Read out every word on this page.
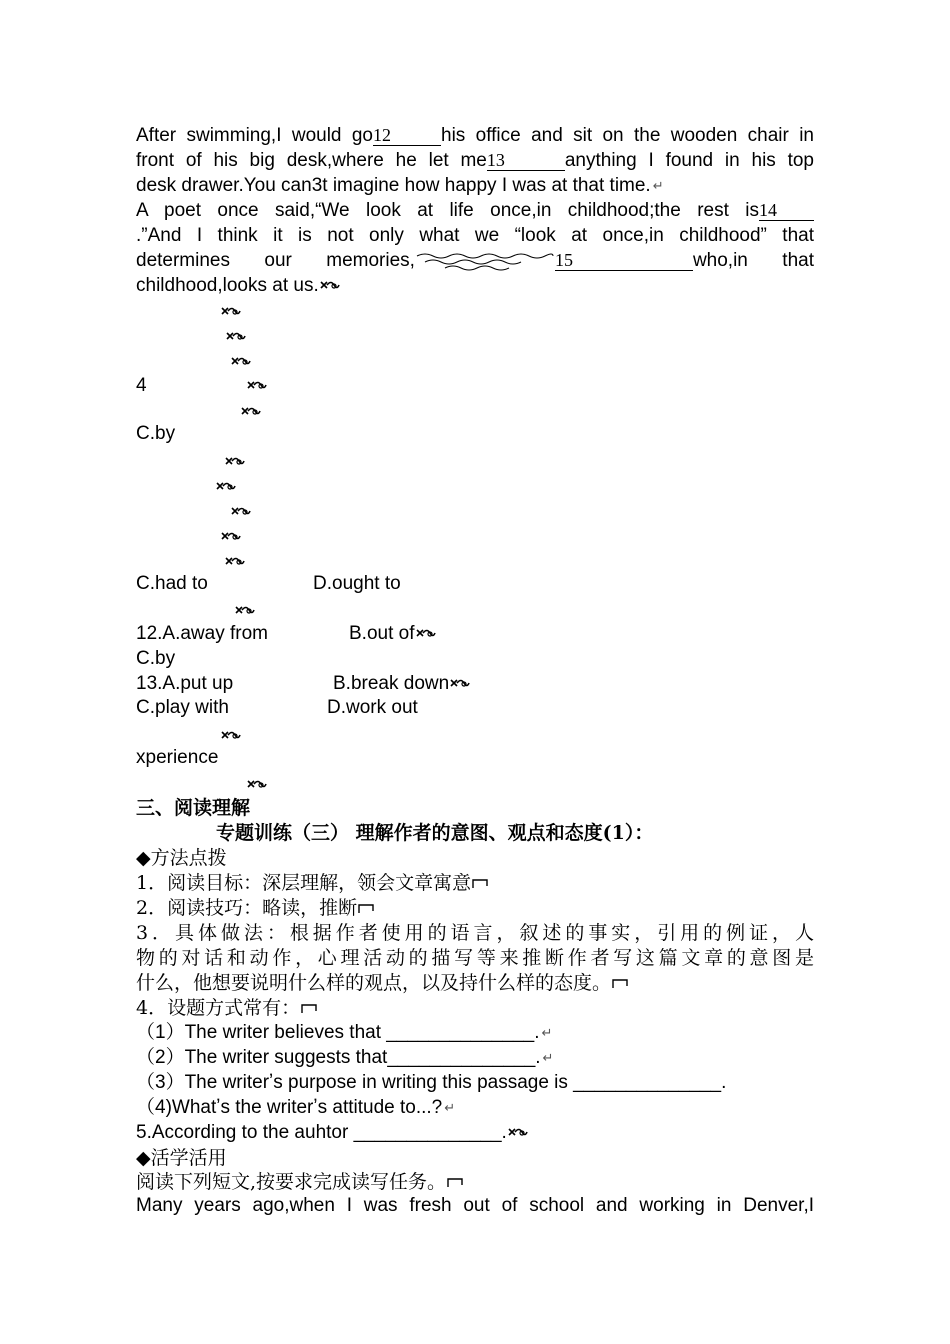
After swimming,I would go12	his office and sit on the wooden chair in
front of his big desk,where he let me13	anything I found in his top
desk drawer.You can3t imagine how happy I was at that time. ↵
A poet once said,“We look at life once,in childhood;the rest is14
.”And I think it is not only what we “look at once,in childhood” that
determines our memories,	15	who,in that
childhood,looks at us.
4
C.by
C.had to	D.ought to
12.A.away from	B.out of
C.by
13.A.put up	B.break down
C.play with	D.work out
xperience
三、阅读理解
专题训练（三） 理解作者的意图、观点和态度(1）：
◆方法点拨
1．阅读目标：深层理解，领会文章寓意
2．阅读技巧：略读，推断
3．具体做法：根据作者使用的语言，叙述的事实，引用的例证，人
物的对话和动作，心理活动的描写等来推断作者写这篇文章的意图是
什么，他想要说明什么样的观点，以及持什么样的态度。
4．设题方式常有：
（1）The writer believes that ______________. ↵
（2）The writer suggests that______________. ↵
（3）The writerʼs purpose in writing this passage is ______________.
（4)Whatʼs the writerʼs attitude to...? ↵
5.According to the auhtor ______________.
◆活学活用
阅读下列短文,按要求完成读写任务。
Many years ago,when I was fresh out of school and working in Denver,I
